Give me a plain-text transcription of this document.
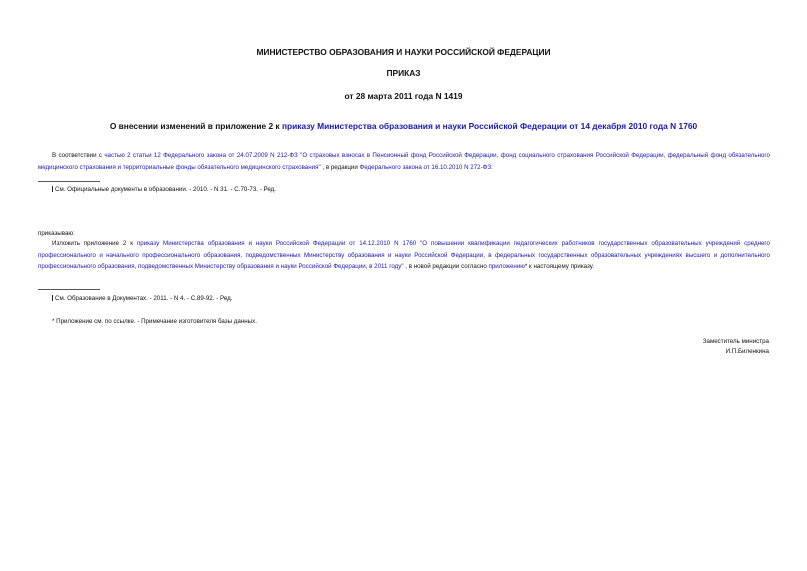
МИНИСТЕРСТВО ОБРАЗОВАНИЯ И НАУКИ РОССИЙСКОЙ ФЕДЕРАЦИИ
ПРИКАЗ
от 28 марта 2011 года N 1419
О внесении изменений в приложение 2 к приказу Министерства образования и науки Российской Федерации от 14 декабря 2010 года N 1760
В соответствии с частью 2 статьи 12 Федерального закона от 24.07.2009 N 212-ФЗ "О страховых взносах в Пенсионный фонд Российской Федерации, фонд социального страхования Российской Федерации, федеральный фонд обязательного медицинского страхования и территориальные фонды обязательного медицинского страхования" , в редакции Федерального закона от 16.10.2010 N 272-ФЗ:
См. Официальные документы в образовании. - 2010. - N 31. - С.70-73. - Ред.
приказываю:
Изложить приложение 2 к приказу Министерства образования и науки Российской Федерации от 14.12.2010 N 1760 "О повышении квалификации педагогических работников государственных образовательных учреждений среднего профессионального и начального профессионального образования, подведомственных Министерству образования и науки Российской Федерации, в федеральных государственных образовательных учреждениях высшего и дополнительного профессионального образования, подведомственных Министерству образования и науки Российской Федерации, в 2011 году" , в новой редакции согласно приложению* к настоящему приказу.
См. Образование в Документах. - 2011. - N 4. - С.89-92. - Ред.
* Приложение см. по ссылке. - Примечание изготовителя базы данных.
Заместитель министра
И.П.Биленкина
